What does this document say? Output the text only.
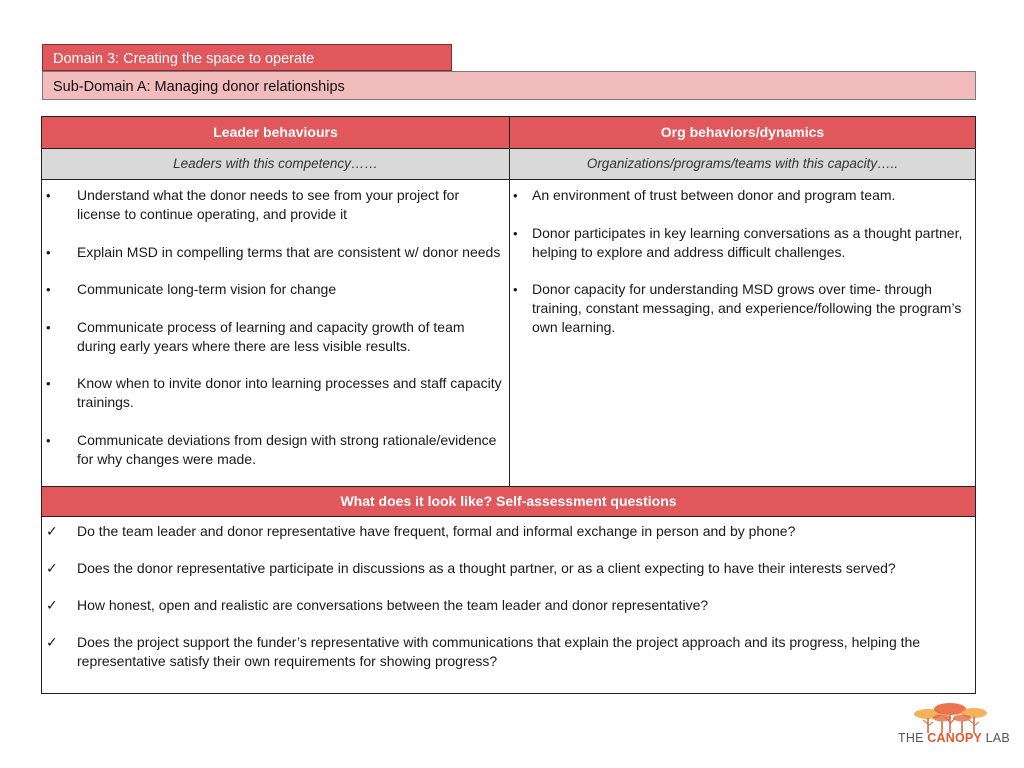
Domain 3: Creating the space to operate
Sub-Domain A: Managing donor relationships
Leader behaviours	Org behaviors/dynamics
Leaders with this competency……	Organizations/programs/teams with this capacity…..
• Understand what the donor needs to see from your project for license to continue operating, and provide it
• Explain MSD in compelling terms that are consistent w/ donor needs
• Communicate long-term vision for change
• Communicate process of learning and capacity growth of team during early years where there are less visible results.
• Know when to invite donor into learning processes and staff capacity trainings.
• Communicate deviations from design with strong rationale/evidence for why changes were made.
• An environment of trust between donor and program team.
• Donor participates in key learning conversations as a thought partner, helping to explore and address difficult challenges.
• Donor capacity for understanding MSD grows over time- through training, constant messaging, and experience/following the program’s own learning.
What does it look like? Self-assessment questions
✓ Do the team leader and donor representative have frequent, formal and informal exchange in person and by phone?
✓ Does the donor representative participate in discussions as a thought partner, or as a client expecting to have their interests served?
✓ How honest, open and realistic are conversations between the team leader and donor representative?
✓ Does the project support the funder’s representative with communications that explain the project approach and its progress, helping the representative satisfy their own requirements for showing progress?
THE CANOPY LAB
